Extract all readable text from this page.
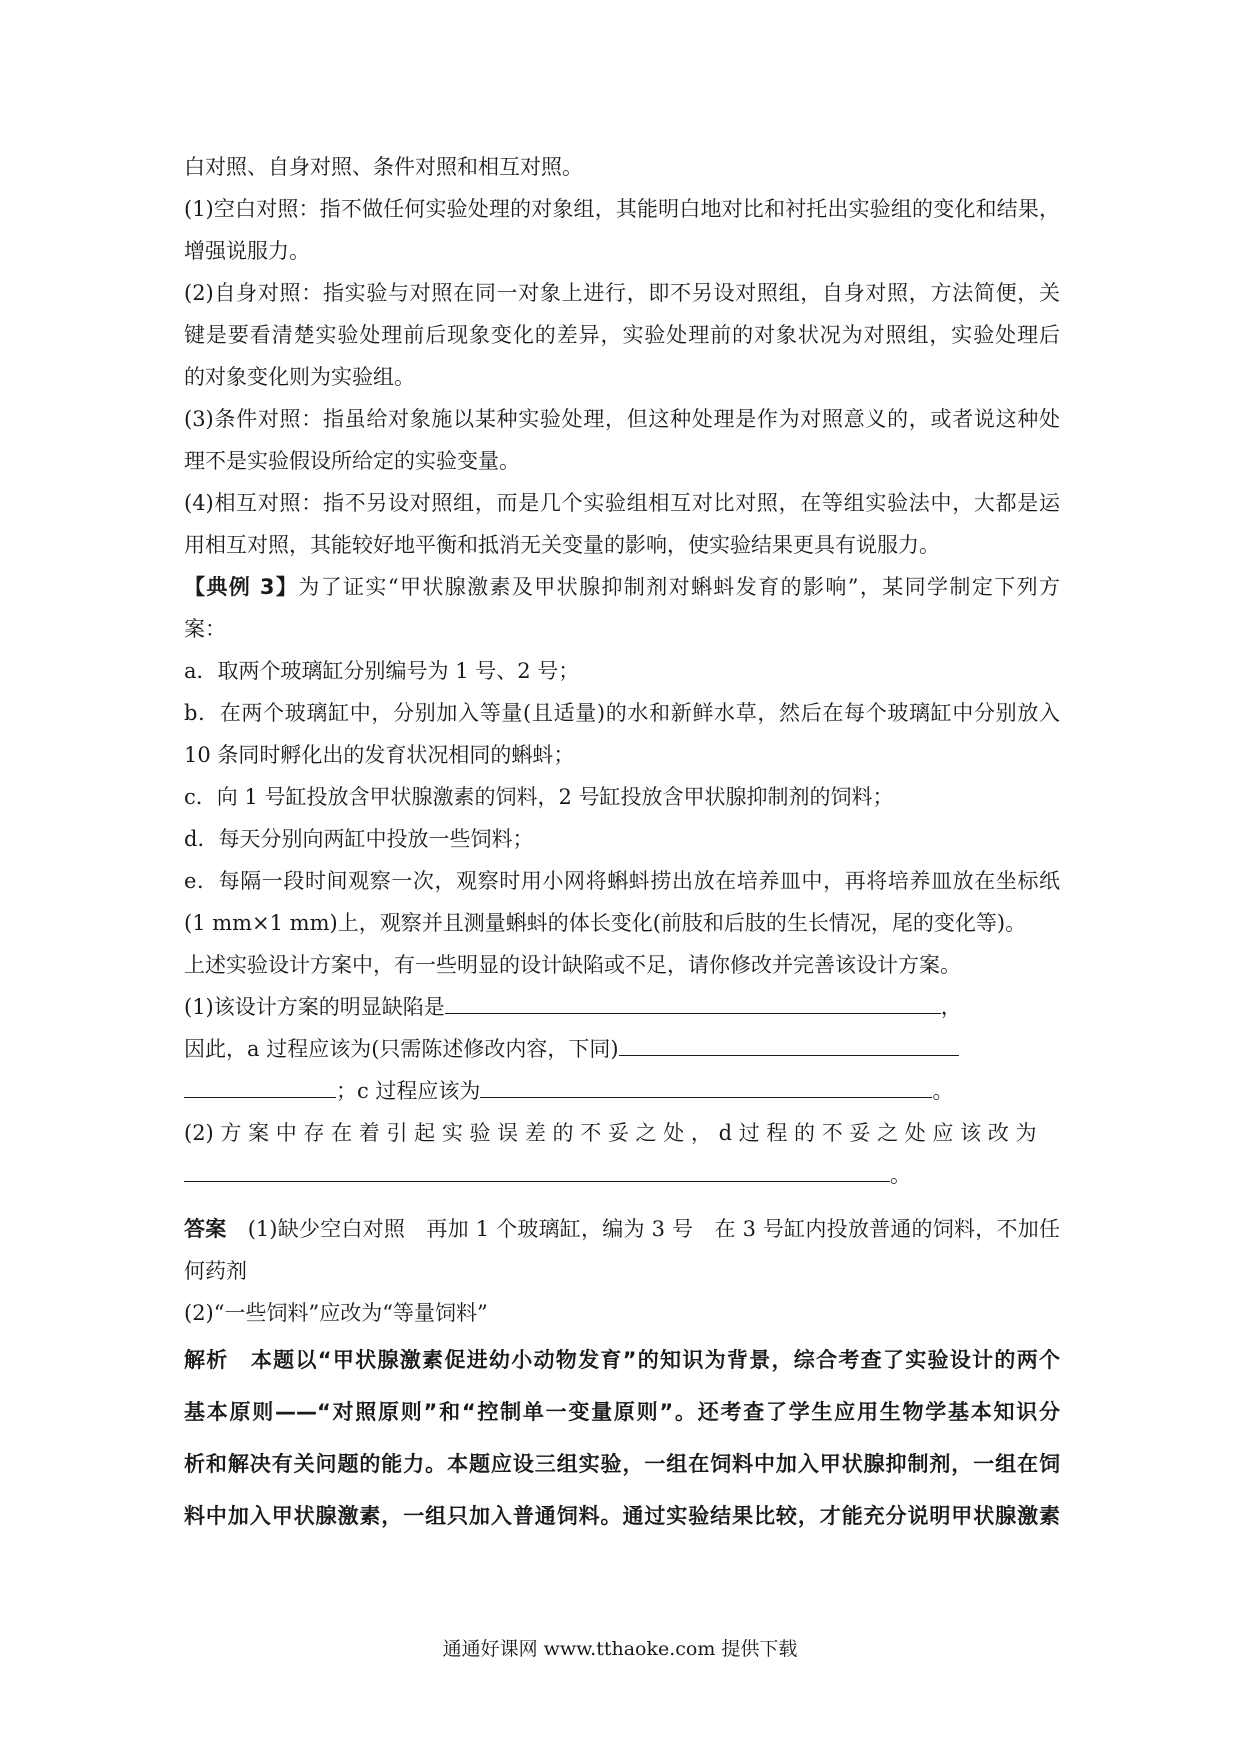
白对照、自身对照、条件对照和相互对照。
(1)空白对照：指不做任何实验处理的对象组，其能明白地对比和衬托出实验组的变化和结果，
增强说服力。
(2)自身对照：指实验与对照在同一对象上进行，即不另设对照组，自身对照，方法简便，关
键是要看清楚实验处理前后现象变化的差异，实验处理前的对象状况为对照组，实验处理后
的对象变化则为实验组。
(3)条件对照：指虽给对象施以某种实验处理，但这种处理是作为对照意义的，或者说这种处
理不是实验假设所给定的实验变量。
(4)相互对照：指不另设对照组，而是几个实验组相互对比对照，在等组实验法中，大都是运
用相互对照，其能较好地平衡和抵消无关变量的影响，使实验结果更具有说服力。
【典例 3】为了证实“甲状腺激素及甲状腺抑制剂对蝌蚪发育的影响”，某同学制定下列方
案：
a．取两个玻璃缸分别编号为 1 号、2 号；
b．在两个玻璃缸中，分别加入等量(且适量)的水和新鲜水草，然后在每个玻璃缸中分别放入
10 条同时孵化出的发育状况相同的蝌蚪；
c．向 1 号缸投放含甲状腺激素的饲料，2 号缸投放含甲状腺抑制剂的饲料；
d．每天分别向两缸中投放一些饲料；
e．每隔一段时间观察一次，观察时用小网将蝌蚪捞出放在培养皿中，再将培养皿放在坐标纸
(1 mm×1 mm)上，观察并且测量蝌蚪的体长变化(前肢和后肢的生长情况，尾的变化等)。
上述实验设计方案中，有一些明显的设计缺陷或不足，请你修改并完善该设计方案。
(1)该设计方案的明显缺陷是	，
因此，a 过程应该为(只需陈述修改内容，下同)
；c 过程应该为	。
(2) 方 案 中 存 在 着 引 起 实 验 误 差 的 不 妥 之 处 ， d 过 程 的 不 妥 之 处 应 该 改 为
。
答案　 (1)缺少空白对照　再加 1 个玻璃缸，编为 3 号　在 3 号缸内投放普通的饲料，不加任
何药剂
(2)“一些饲料”应改为“等量饲料”
解析　 本题以“甲状腺激素促进幼小动物发育”的知识为背景，综合考查了实验设计的两个
基本原则——“对照原则”和“控制单一变量原则”。还考查了学生应用生物学基本知识分
析和解决有关问题的能力。本题应设三组实验，一组在饲料中加入甲状腺抑制剂，一组在饲
料中加入甲状腺激素，一组只加入普通饲料。通过实验结果比较，才能充分说明甲状腺激素
通通好课网 www.tthaoke.com 提供下载
